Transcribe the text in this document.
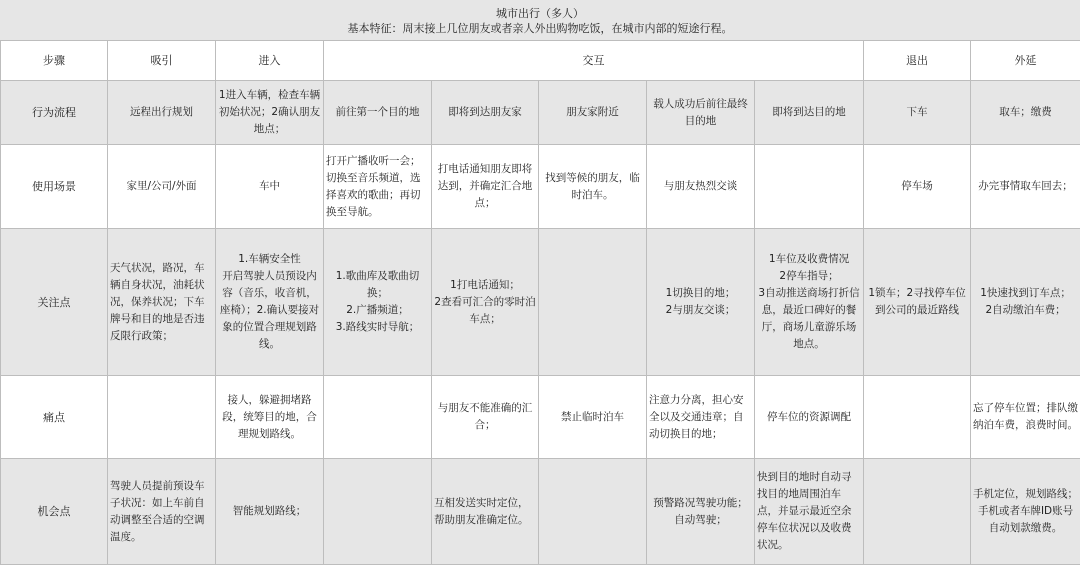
城市出行（多人）
基本特征：周末接上几位朋友或者亲人外出购物吃饭，在城市内部的短途行程。
步骤	吸引	进入	交互					退出	外延
行为流程	远程出行规划	1进入车辆，检查车辆初始状况；2确认朋友地点；	前往第一个目的地	即将到达朋友家	朋友家附近	载人成功后前往最终目的地	即将到达目的地	下车	取车；缴费
使用场景	家里/公司/外面	车中	打开广播收听一会；切换至音乐频道，选择喜欢的歌曲；再切换至导航。	打电话通知朋友即将达到，并确定汇合地点；	找到等候的朋友，临时泊车。	与朋友热烈交谈		停车场	办完事情取车回去；
关注点	天气状况，路况，车辆自身状况，油耗状况，保养状况；下车牌号和目的地是否违反限行政策；	1.车辆安全性
开启驾驶人员预设内容（音乐，收音机，座椅）；2.确认要接对象的位置合理规划路线。	1.歌曲库及歌曲切换；
2.广播频道；
3.路线实时导航；	1打电话通知；
2查看可汇合的零时泊车点；		1切换目的地；
2与朋友交谈；	1车位及收费情况
2停车指导；
3自动推送商场打折信息，最近口碑好的餐厅，商场儿童游乐场地点。	1锁车；2寻找停车位到公司的最近路线	1快速找到订车点；
2自动缴泊车费；
痛点		接人，躲避拥堵路段，统筹目的地，合理规划路线。		与朋友不能准确的汇合；	禁止临时泊车	注意力分离，担心安全以及交通违章；自动切换目的地；	停车位的资源调配		忘了停车位置；排队缴纳泊车费，浪费时间。
机会点	驾驶人员提前预设车子状况：如上车前自动调整至合适的空调温度。	智能规划路线；		互相发送实时定位，帮助朋友准确定位。		预警路况驾驶功能；自动驾驶；	快到目的地时自动寻找目的地周围泊车点，并显示最近空余停车位状况以及收费状况。		手机定位，规划路线；手机或者车牌ID账号自动划款缴费。
